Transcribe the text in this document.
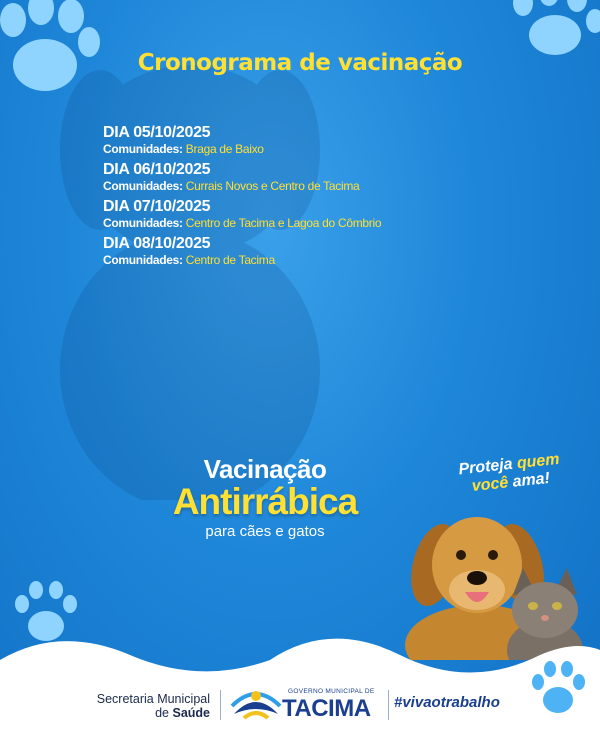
Cronograma de vacinação
DIA 05/10/2025
Comunidades: Braga de Baixo
DIA 06/10/2025
Comunidades: Currais Novos e Centro de Tacima
DIA 07/10/2025
Comunidades: Centro de Tacima e Lagoa do Cômbrio
DIA 08/10/2025
Comunidades: Centro de Tacima
Vacinação
Antirrábica
para cães e gatos
Proteja quem
você ama!
Secretaria Municipal
de Saúde
GOVERNO MUNICIPAL DE
TACIMA #vivaotrabalho
